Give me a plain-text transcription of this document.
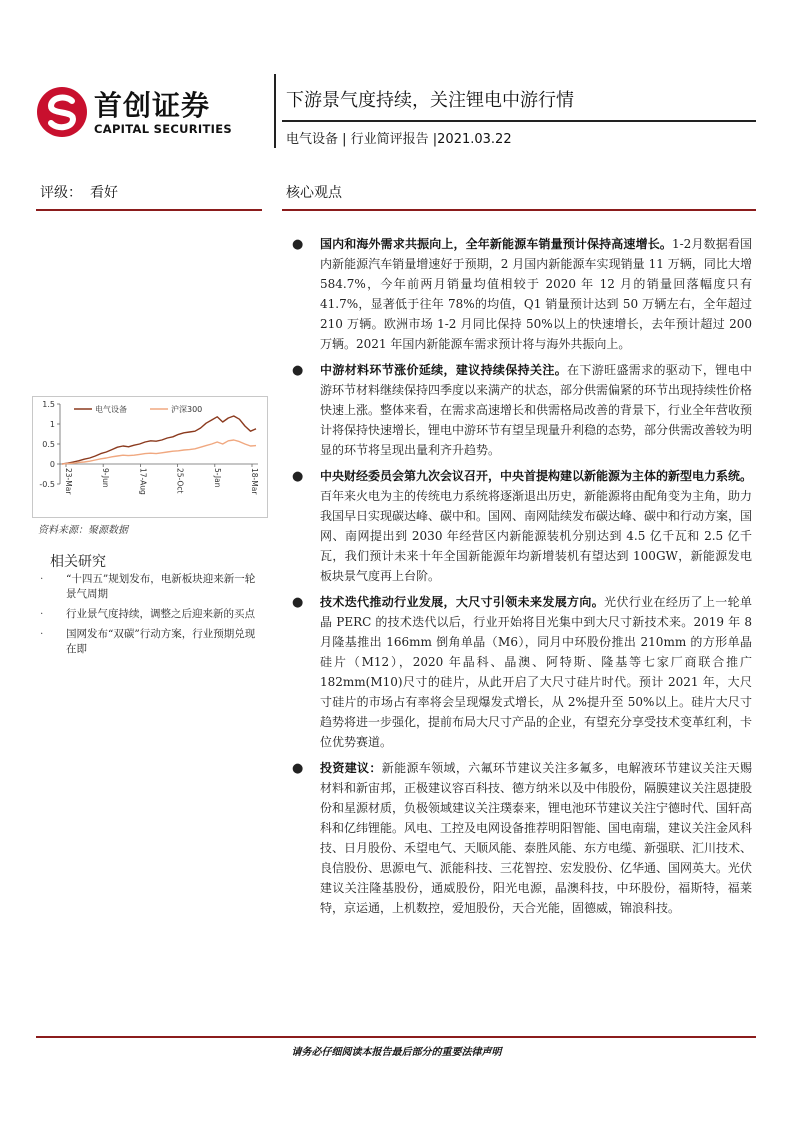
首创证券
CAPITAL SECURITIES
下游景气度持续，关注锂电中游行情
电气设备 | 行业简评报告 |2021.03.22
评级： 看好	核心观点
● 国内和海外需求共振向上，全年新能源车销量预计保持高速增长。1-2月数据看国内新能源汽车销量增速好于预期，2 月国内新能源车实现销量 11 万辆，同比大增 584.7%，今年前两月销量均值相较于 2020 年 12 月的销量回落幅度只有 41.7%，显著低于往年 78%的均值，Q1 销量预计达到 50 万辆左右，全年超过 210 万辆。欧洲市场 1-2 月同比保持 50%以上的快速增长，去年预计超过 200 万辆。2021 年国内新能源车需求预计将与海外共振向上。
● 中游材料环节涨价延续，建议持续保持关注。在下游旺盛需求的驱动下，锂电中游环节材料继续保持四季度以来满产的状态，部分供需偏紧的环节出现持续性价格快速上涨。整体来看，在需求高速增长和供需格局改善的背景下，行业全年营收预计将保持快速增长，锂电中游环节有望呈现量升利稳的态势，部分供需改善较为明显的环节将呈现出量利齐升趋势。
● 中央财经委员会第九次会议召开，中央首提构建以新能源为主体的新型电力系统。百年来火电为主的传统电力系统将逐渐退出历史，新能源将由配角变为主角，助力我国早日实现碳达峰、碳中和。国网、南网陆续发布碳达峰、碳中和行动方案，国网、南网提出到 2030 年经营区内新能源装机分别达到 4.5 亿千瓦和 2.5 亿千瓦，我们预计未来十年全国新能源年均新增装机有望达到 100GW，新能源发电板块景气度再上台阶。
● 技术迭代推动行业发展，大尺寸引领未来发展方向。光伏行业在经历了上一轮单晶 PERC 的技术迭代以后，行业开始将目光集中到大尺寸新技术来。2019 年 8 月隆基推出 166mm 倒角单晶（M6），同月中环股份推出 210mm 的方形单晶硅片（M12），2020 年晶科、晶澳、阿特斯、隆基等七家厂商联合推广 182mm(M10)尺寸的硅片，从此开启了大尺寸硅片时代。预计 2021 年，大尺寸硅片的市场占有率将会呈现爆发式增长，从 2%提升至 50%以上。硅片大尺寸趋势将进一步强化，提前布局大尺寸产品的企业，有望充分享受技术变革红利，卡位优势赛道。
● 投资建议：新能源车领域，六氟环节建议关注多氟多，电解液环节建议关注天赐材料和新宙邦，正极建议容百科技、德方纳米以及中伟股份，隔膜建议关注恩捷股份和星源材质，负极领域建议关注璞泰来，锂电池环节建议关注宁德时代、国轩高科和亿纬锂能。风电、工控及电网设备推荐明阳智能、国电南瑞，建议关注金风科技、日月股份、禾望电气、天顺风能、泰胜风能、东方电缆、新强联、汇川技术、良信股份、思源电气、派能科技、三花智控、宏发股份、亿华通、国网英大。光伏建议关注隆基股份，通威股份，阳光电源，晶澳科技，中环股份，福斯特，福莱特，京运通，上机数控，爱旭股份，天合光能，固德威，锦浪科技。
1.5
1
0.5
0
-0.5 23-Mar	9-Jun	17-Aug	25-Oct	5-Jan	18-Mar
电气设备	沪深300
资料来源：聚源数据
相关研究
· “十四五”规划发布，电新板块迎来新一轮景气周期
· 行业景气度持续，调整之后迎来新的买点
· 国网发布“双碳”行动方案，行业预期兑现在即
请务必仔细阅读本报告最后部分的重要法律声明
